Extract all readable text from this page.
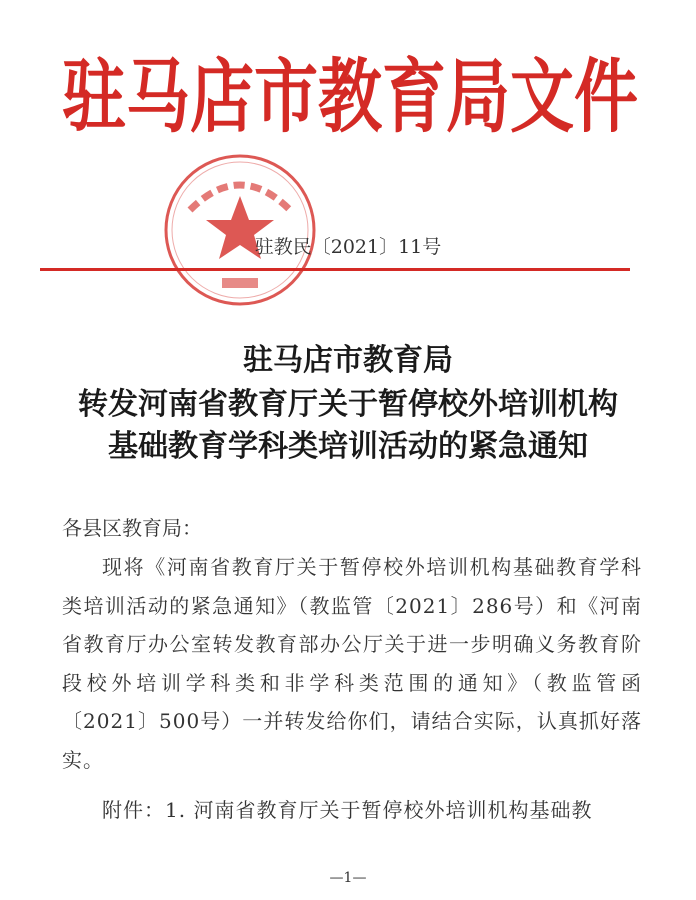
驻马店市教育局文件
驻教民〔2021〕11号
驻马店市教育局
转发河南省教育厅关于暂停校外培训机构
基础教育学科类培训活动的紧急通知
各县区教育局：

现将《河南省教育厅关于暂停校外培训机构基础教育学科类培训活动的紧急通知》（教监管〔2021〕286号）和《河南省教育厅办公室转发教育部办公厅关于进一步明确义务教育阶段校外培训学科类和非学科类范围的通知》（教监管函〔2021〕500号）一并转发给你们，请结合实际，认真抓好落实。

附件：1. 河南省教育厅关于暂停校外培训机构基础教
—1—
